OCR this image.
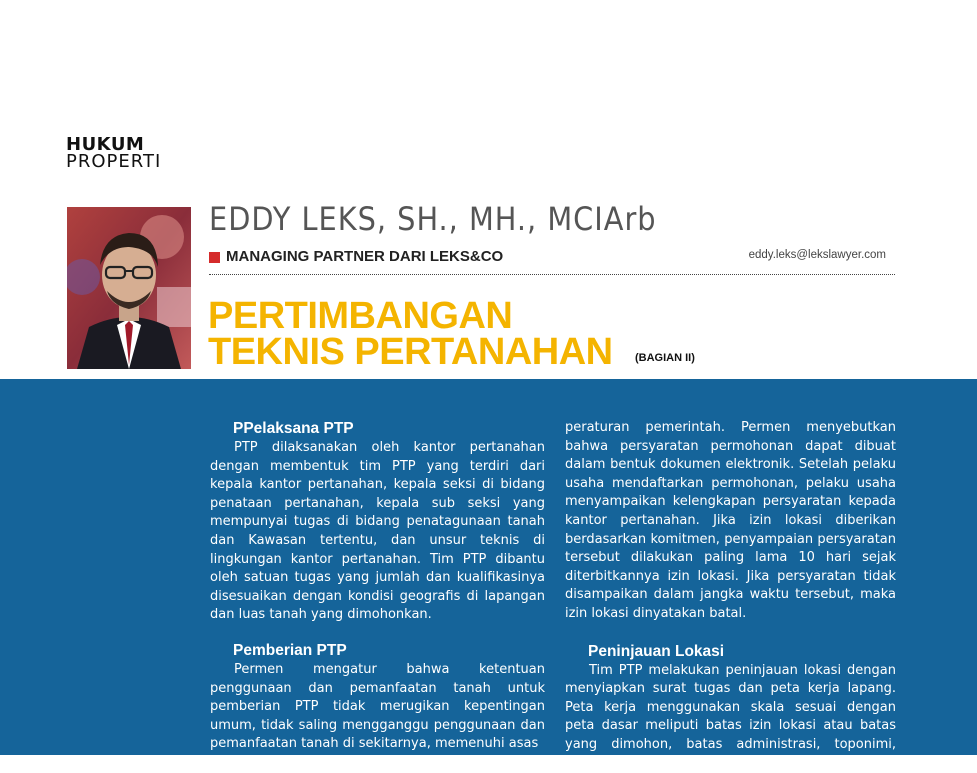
HUKUM
PROPERTI
EDDY LEKS, SH., MH., MCIArb
MANAGING PARTNER DARI LEKS&CO	eddy.leks@lekslawyer.com
PERTIMBANGAN
TEKNIS PERTANAHAN (BAGIAN II)
PPelaksana PTP

PTP dilaksanakan oleh kantor pertanahan dengan membentuk tim PTP yang terdiri dari kepala kantor pertanahan, kepala seksi di bidang penataan pertanahan, kepala sub seksi yang mempunyai tugas di bidang penatagunaan tanah dan Kawasan tertentu, dan unsur teknis di lingkungan kantor pertanahan. Tim PTP dibantu oleh satuan tugas yang jumlah dan kualifikasinya disesuaikan dengan kondisi geografis di lapangan dan luas tanah yang dimohonkan.

Pemberian PTP

Permen mengatur bahwa ketentuan penggunaan dan pemanfaatan tanah untuk pemberian PTP tidak merugikan kepentingan umum, tidak saling mengganggu penggunaan dan pemanfaatan tanah di sekitarnya, memenuhi asas

peraturan pemerintah. Permen menyebutkan bahwa persyaratan permohonan dapat dibuat dalam bentuk dokumen elektronik. Setelah pelaku usaha mendaftarkan permohonan, pelaku usaha menyampaikan kelengkapan persyaratan kepada kantor pertanahan. Jika izin lokasi diberikan berdasarkan komitmen, penyampaian persyaratan tersebut dilakukan paling lama 10 hari sejak diterbitkannya izin lokasi. Jika persyaratan tidak disampaikan dalam jangka waktu tersebut, maka izin lokasi dinyatakan batal.

Peninjauan Lokasi

Tim PTP melakukan peninjauan lokasi dengan menyiapkan surat tugas dan peta kerja lapang. Peta kerja menggunakan skala sesuai dengan peta dasar meliputi batas izin lokasi atau batas yang dimohon, batas administrasi, toponimi, status
